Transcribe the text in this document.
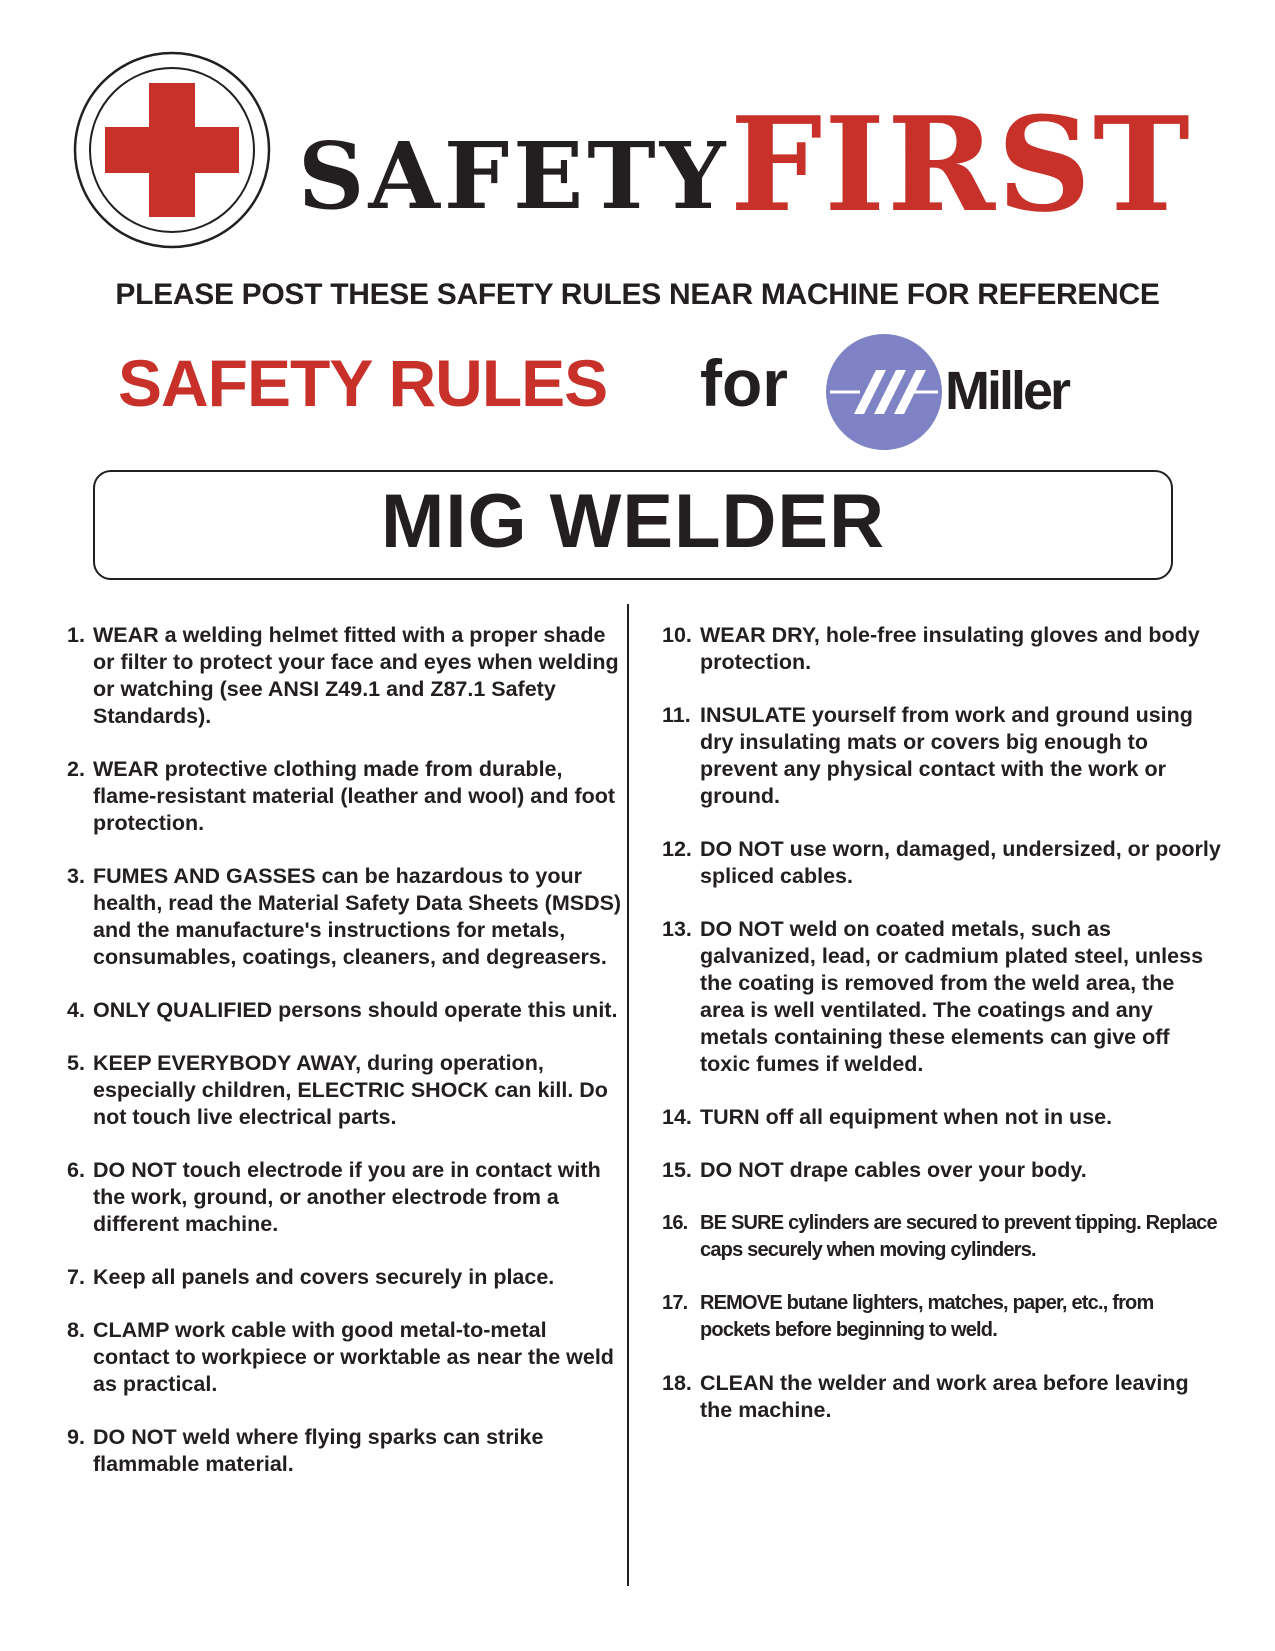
SAFETY FIRST
PLEASE POST THESE SAFETY RULES NEAR MACHINE FOR REFERENCE
SAFETY RULES for	Miller
MIG WELDER
1. WEAR a welding helmet fitted with a proper shade or filter to protect your face and eyes when welding or watching (see ANSI Z49.1 and Z87.1 Safety Standards).
2. WEAR protective clothing made from durable, flame-resistant material (leather and wool) and foot protection.
3. FUMES AND GASSES can be hazardous to your health, read the Material Safety Data Sheets (MSDS) and the manufacture's instructions for metals, consumables, coatings, cleaners, and degreasers.
4. ONLY QUALIFIED persons should operate this unit.
5. KEEP EVERYBODY AWAY, during operation, especially children, ELECTRIC SHOCK can kill. Do not touch live electrical parts.
6. DO NOT touch electrode if you are in contact with the work, ground, or another electrode from a different machine.
7. Keep all panels and covers securely in place.
8. CLAMP work cable with good metal-to-metal contact to workpiece or worktable as near the weld as practical.
9. DO NOT weld where flying sparks can strike flammable material.
10. WEAR DRY, hole-free insulating gloves and body protection.
11. INSULATE yourself from work and ground using dry insulating mats or covers big enough to prevent any physical contact with the work or ground.
12. DO NOT use worn, damaged, undersized, or poorly spliced cables.
13. DO NOT weld on coated metals, such as galvanized, lead, or cadmium plated steel, unless the coating is removed from the weld area, the area is well ventilated. The coatings and any metals containing these elements can give off toxic fumes if welded.
14. TURN off all equipment when not in use.
15. DO NOT drape cables over your body.
16. BE SURE cylinders are secured to prevent tipping. Replace caps securely when moving cylinders.
17. REMOVE butane lighters, matches, paper, etc., from pockets before beginning to weld.
18. CLEAN the welder and work area before leaving the machine.
